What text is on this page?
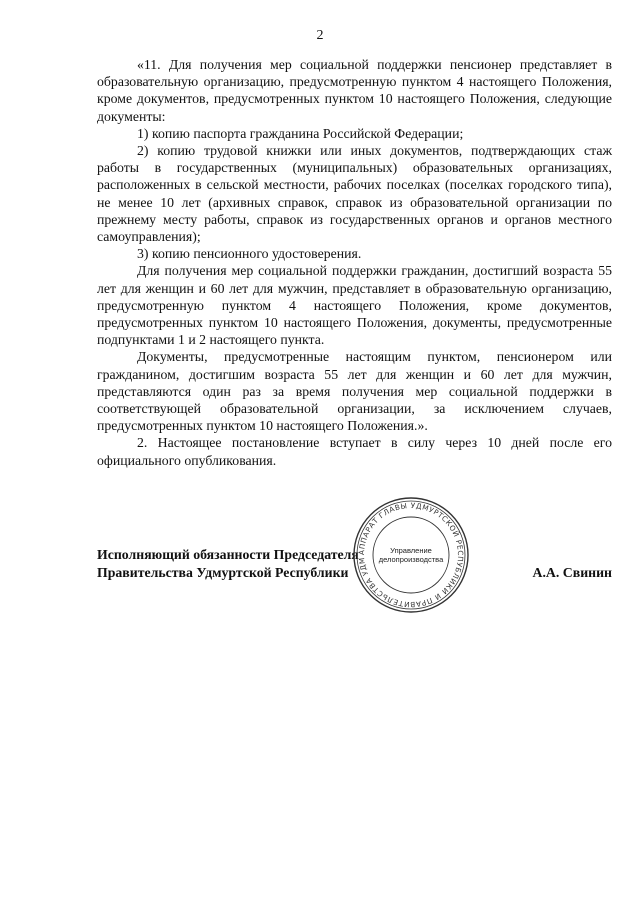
2

«11. Для получения мер социальной поддержки пенсионер представляет в образовательную организацию, предусмотренную пунктом 4 настоящего Положения, кроме документов, предусмотренных пунктом 10 настоящего Положения, следующие документы:

1) копию паспорта гражданина Российской Федерации;

2) копию трудовой книжки или иных документов, подтверждающих стаж работы в государственных (муниципальных) образовательных организациях, расположенных в сельской местности, рабочих поселках (поселках городского типа), не менее 10 лет (архивных справок, справок из образовательной организации по прежнему месту работы, справок из государственных органов и органов местного самоуправления);

3) копию пенсионного удостоверения.

Для получения мер социальной поддержки гражданин, достигший возраста 55 лет для женщин и 60 лет для мужчин, представляет в образовательную организацию, предусмотренную пунктом 4 настоящего Положения, кроме документов, предусмотренных пунктом 10 настоящего Положения, документы, предусмотренные подпунктами 1 и 2 настоящего пункта.

Документы, предусмотренные настоящим пунктом, пенсионером или гражданином, достигшим возраста 55 лет для женщин и 60 лет для мужчин, представляются один раз за время получения мер социальной поддержки в соответствующей образовательной организации, за исключением случаев, предусмотренных пунктом 10 настоящего Положения.».

2. Настоящее постановление вступает в силу через 10 дней после его официального опубликования.

Исполняющий обязанности Председателя
Правительства Удмуртской Республики	А.А. Свинин
АППАРАТ ГЛАВЫ УДМУРТСКОЙ РЕСПУБЛИКИ И ПРАВИТЕЛЬСТВА УДМ
Управление
делопроизводства
